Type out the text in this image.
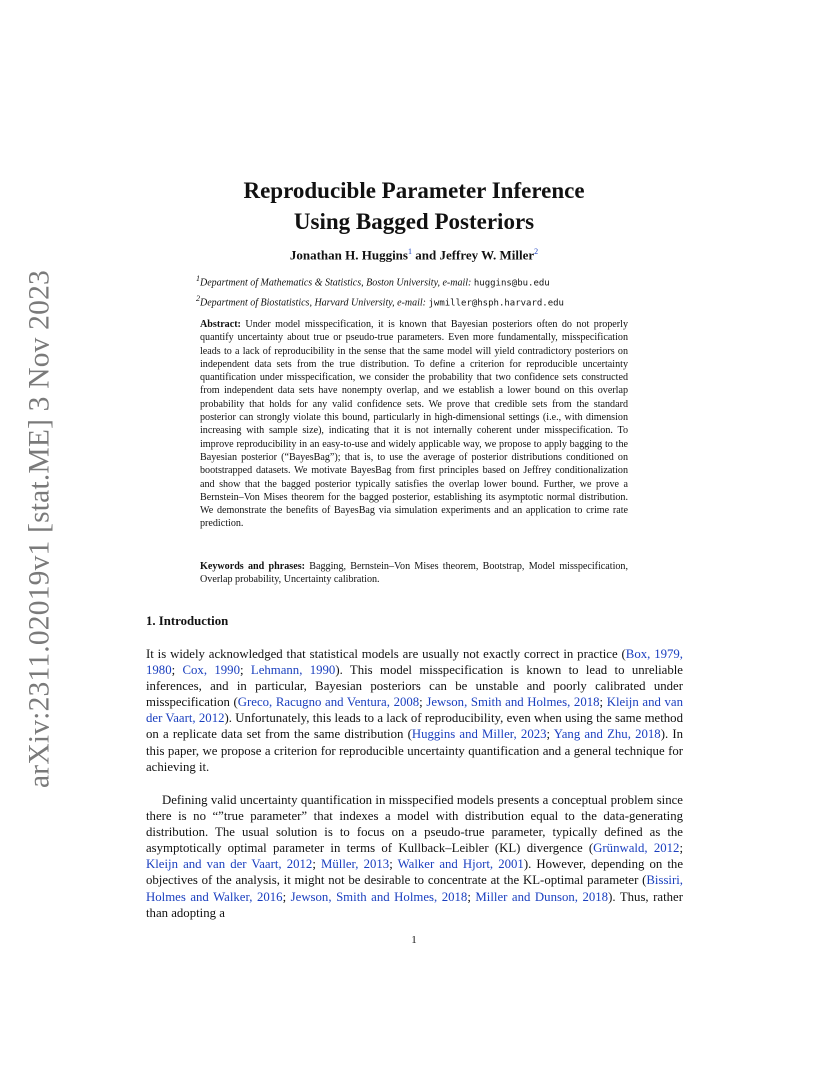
arXiv:2311.02019v1 [stat.ME] 3 Nov 2023
Reproducible Parameter Inference
Using Bagged Posteriors
Jonathan H. Huggins$^1$ and Jeffrey W. Miller$^2$
$^1$Department of Mathematics & Statistics, Boston University, e-mail: huggins@bu.edu
$^2$Department of Biostatistics, Harvard University, e-mail: jwmiller@hsph.harvard.edu
Abstract: Under model misspecification, it is known that Bayesian posteriors often do not properly quantify uncertainty about true or pseudo-true parameters. Even more fundamentally, misspecification leads to a lack of reproducibility in the sense that the same model will yield contradictory posteriors on independent data sets from the true distribution. To define a criterion for reproducible uncertainty quantification under misspecification, we consider the probability that two confidence sets constructed from independent data sets have nonempty overlap, and we establish a lower bound on this overlap probability that holds for any valid confidence sets. We prove that credible sets from the standard posterior can strongly violate this bound, particularly in high-dimensional settings (i.e., with dimension increasing with sample size), indicating that it is not internally coherent under misspecification. To improve reproducibility in an easy-to-use and widely applicable way, we propose to apply bagging to the Bayesian posterior (“BayesBag”); that is, to use the average of posterior distributions conditioned on bootstrapped datasets. We motivate BayesBag from first principles based on Jeffrey conditionalization and show that the bagged posterior typically satisfies the overlap lower bound. Further, we prove a Bernstein–Von Mises theorem for the bagged posterior, establishing its asymptotic normal distribution. We demonstrate the benefits of BayesBag via simulation experiments and an application to crime rate prediction.
Keywords and phrases: Bagging, Bernstein–Von Mises theorem, Bootstrap, Model misspecification, Overlap probability, Uncertainty calibration.
1. Introduction
It is widely acknowledged that statistical models are usually not exactly correct in practice (Box, 1979, 1980; Cox, 1990; Lehmann, 1990). This model misspecification is known to lead to unreliable inferences, and in particular, Bayesian posteriors can be unstable and poorly calibrated under misspecification (Greco, Racugno and Ventura, 2008; Jewson, Smith and Holmes, 2018; Kleijn and van der Vaart, 2012). Unfortunately, this leads to a lack of reproducibility, even when using the same method on a replicate data set from the same distribution (Huggins and Miller, 2023; Yang and Zhu, 2018). In this paper, we propose a criterion for reproducible uncertainty quantification and a general technique for achieving it.
Defining valid uncertainty quantification in misspecified models presents a conceptual problem since there is no “”true parameter” that indexes a model with distribution equal to the data-generating distribution. The usual solution is to focus on a pseudo-true parameter, typically defined as the asymptotically optimal parameter in terms of Kullback–Leibler (KL) divergence (Grünwald, 2012; Kleijn and van der Vaart, 2012; Müller, 2013; Walker and Hjort, 2001). However, depending on the objectives of the analysis, it might not be desirable to concentrate at the KL-optimal parameter (Bissiri, Holmes and Walker, 2016; Jewson, Smith and Holmes, 2018; Miller and Dunson, 2018). Thus, rather than adopting a
1
